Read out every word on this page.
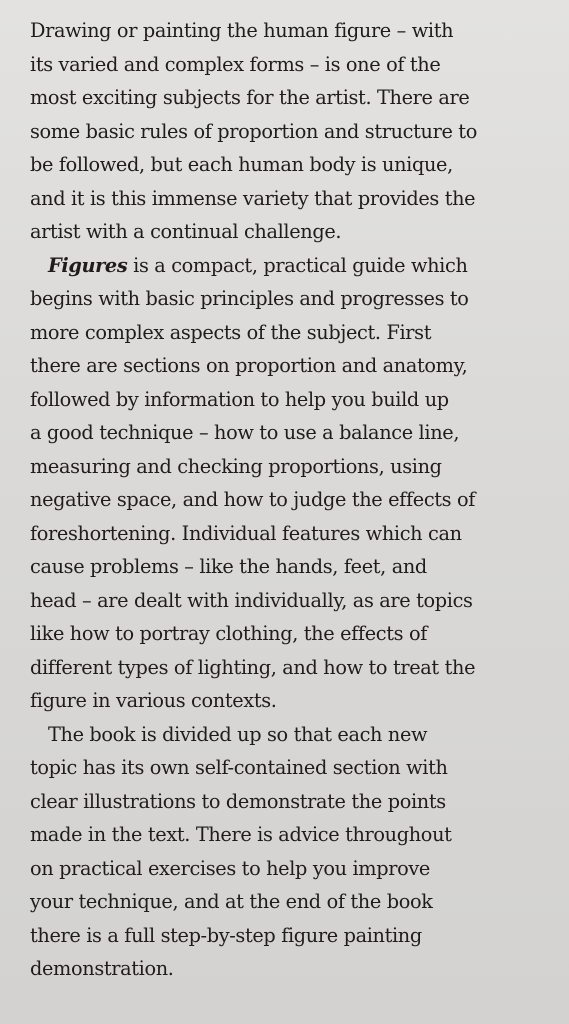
Drawing or painting the human figure – with
its varied and complex forms – is one of the
most exciting subjects for the artist. There are
some basic rules of proportion and structure to
be followed, but each human body is unique,
and it is this immense variety that provides the
artist with a continual challenge.
Figures is a compact, practical guide which
begins with basic principles and progresses to
more complex aspects of the subject. First
there are sections on proportion and anatomy,
followed by information to help you build up
a good technique – how to use a balance line,
measuring and checking proportions, using
negative space, and how to judge the effects of
foreshortening. Individual features which can
cause problems – like the hands, feet, and
head – are dealt with individually, as are topics
like how to portray clothing, the effects of
different types of lighting, and how to treat the
figure in various contexts.
The book is divided up so that each new
topic has its own self-contained section with
clear illustrations to demonstrate the points
made in the text. There is advice throughout
on practical exercises to help you improve
your technique, and at the end of the book
there is a full step-by-step figure painting
demonstration.
